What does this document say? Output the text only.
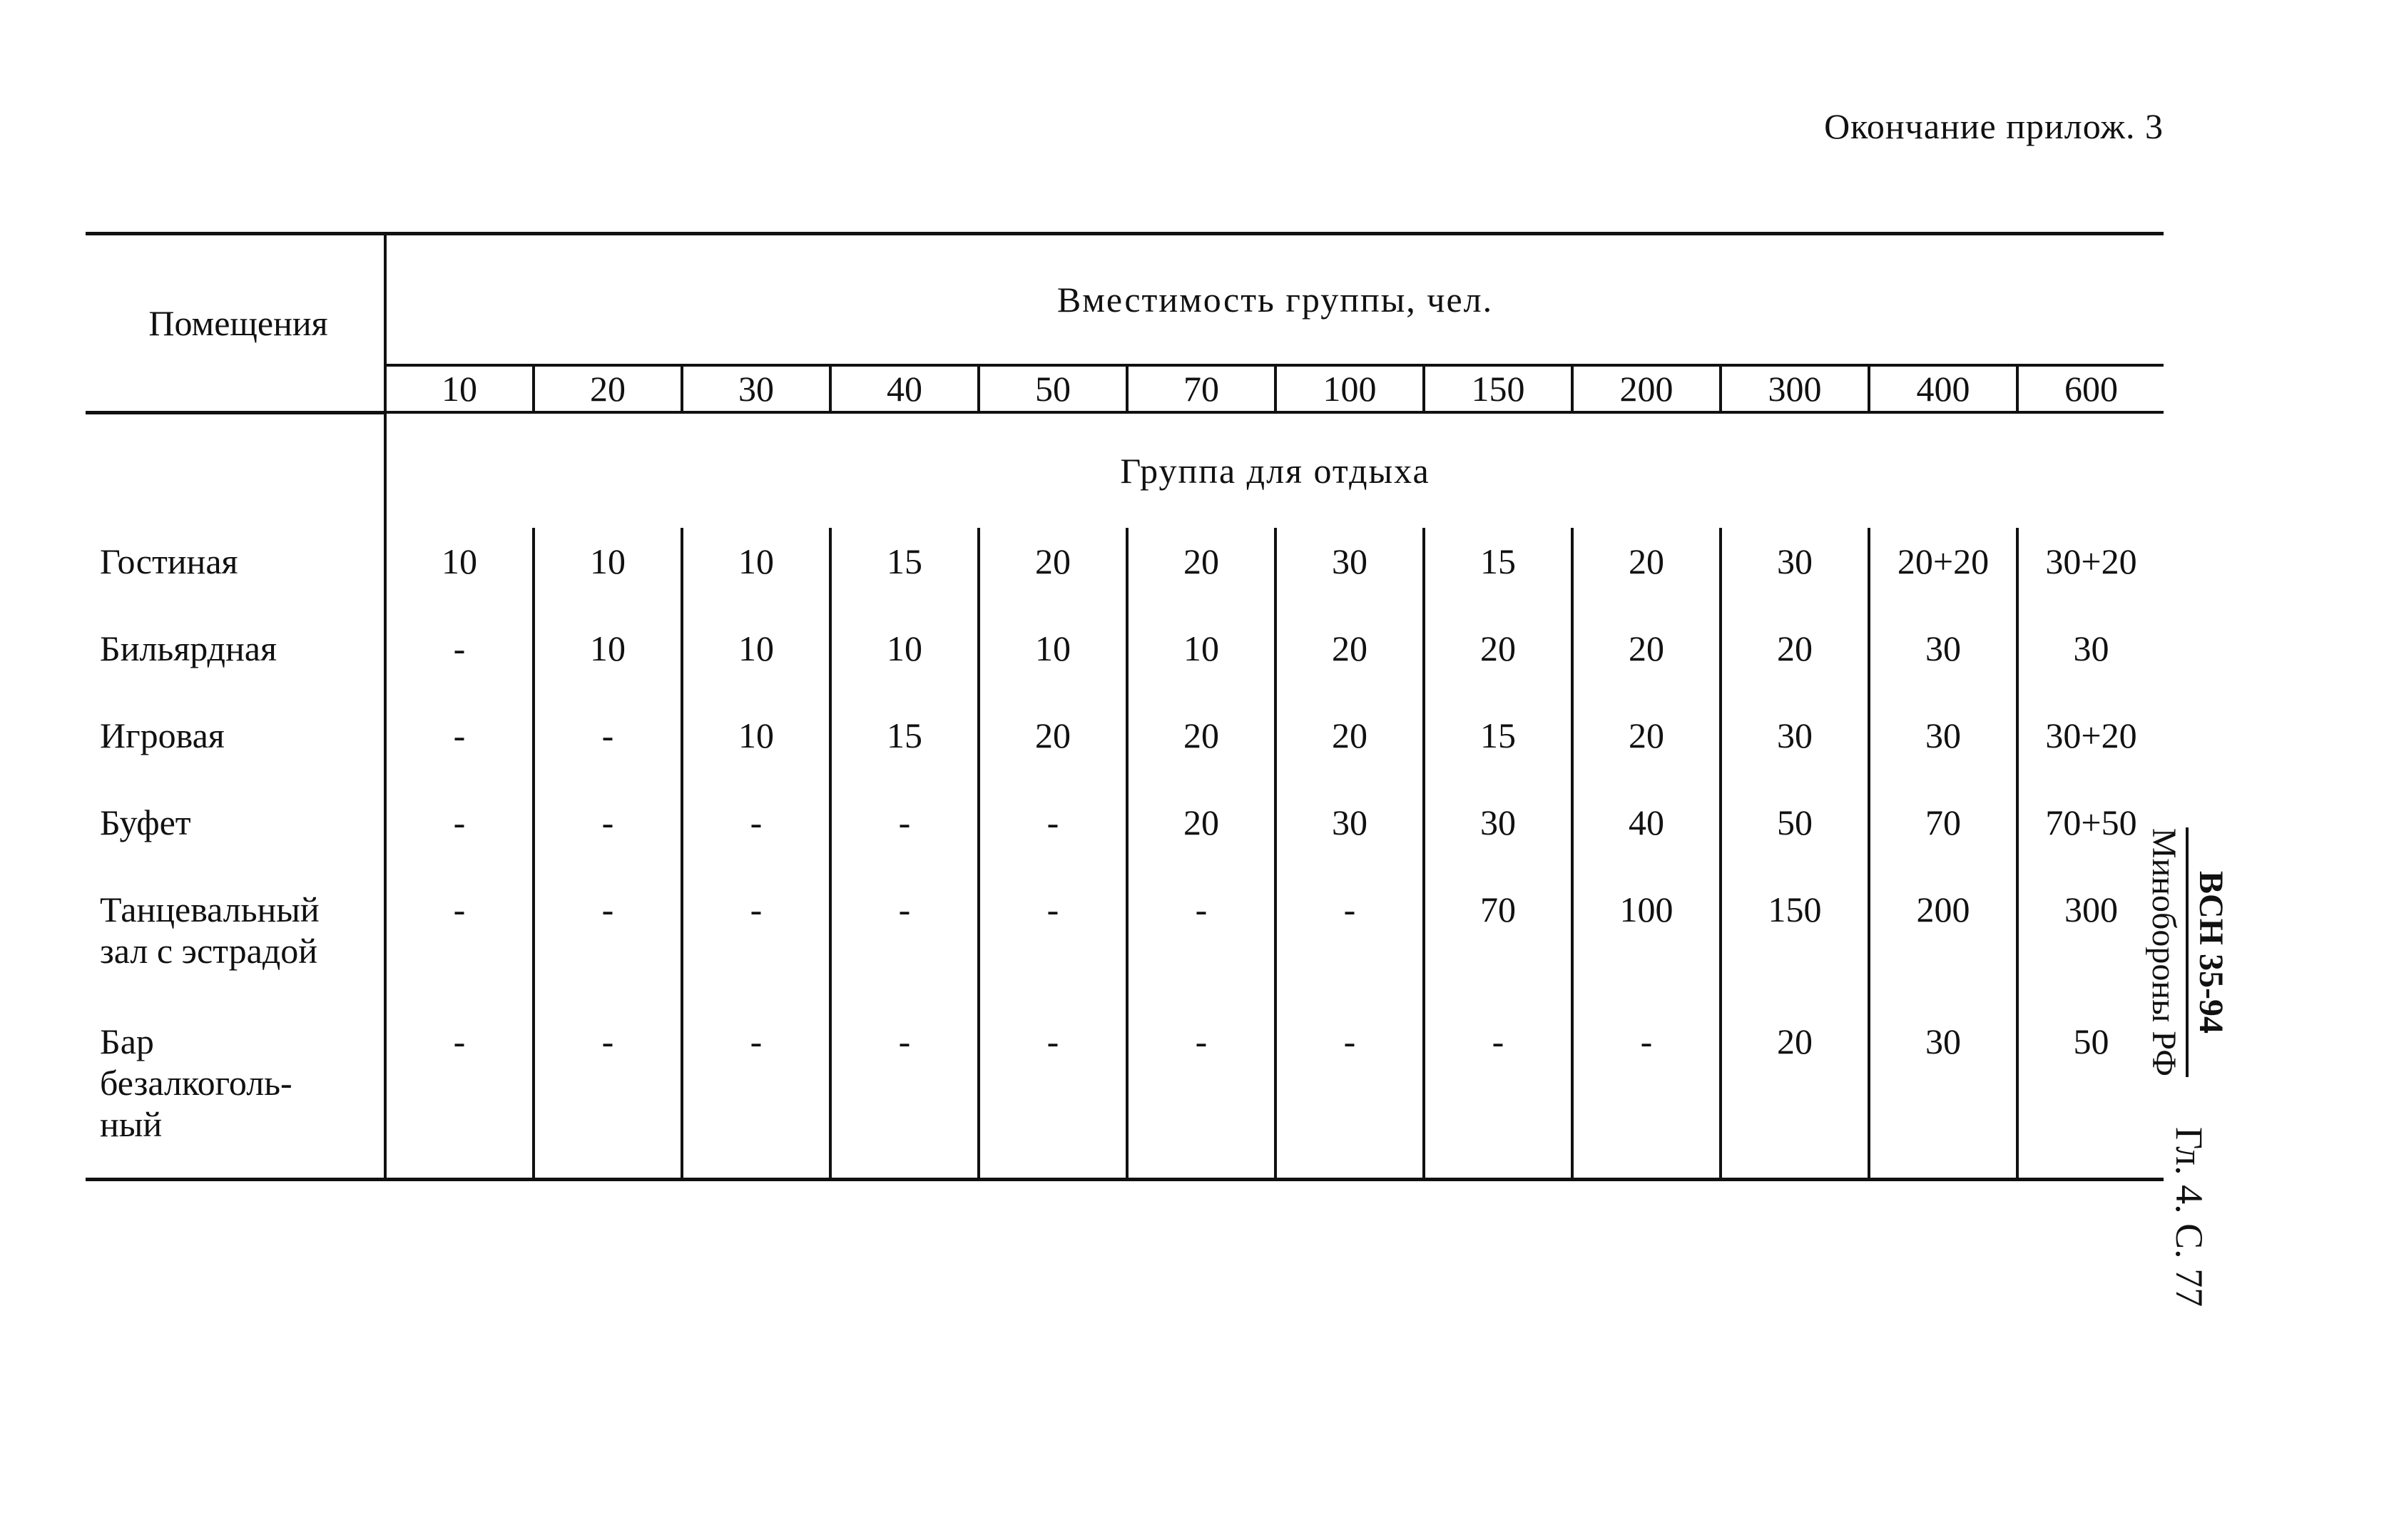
Окончание прилож. 3
Помещения	Вместимость группы, чел.											
	10	20	30	40	50	70	100	150	200	300	400	600
	Группа для отдыха											

Гостиная	10	10	10	15	20	20	30	15	20	30	20+20	30+20

Бильярдная	-	10	10	10	10	10	20	20	20	20	30	30

Игровая	-	-	10	15	20	20	20	15	20	30	30	30+20

Буфет	-	-	-	-	-	20	30	30	40	50	70	70+50

Танцевальный
зал с эстрадой	-	-	-	-	-	-	-	70	100	150	200	300

Бар
безалкоголь-
ный	-	-	-	-	-	-	-	-	-	20	30	50
ВСН 35-94
Минобороны РФ
Гл. 4. С. 77
